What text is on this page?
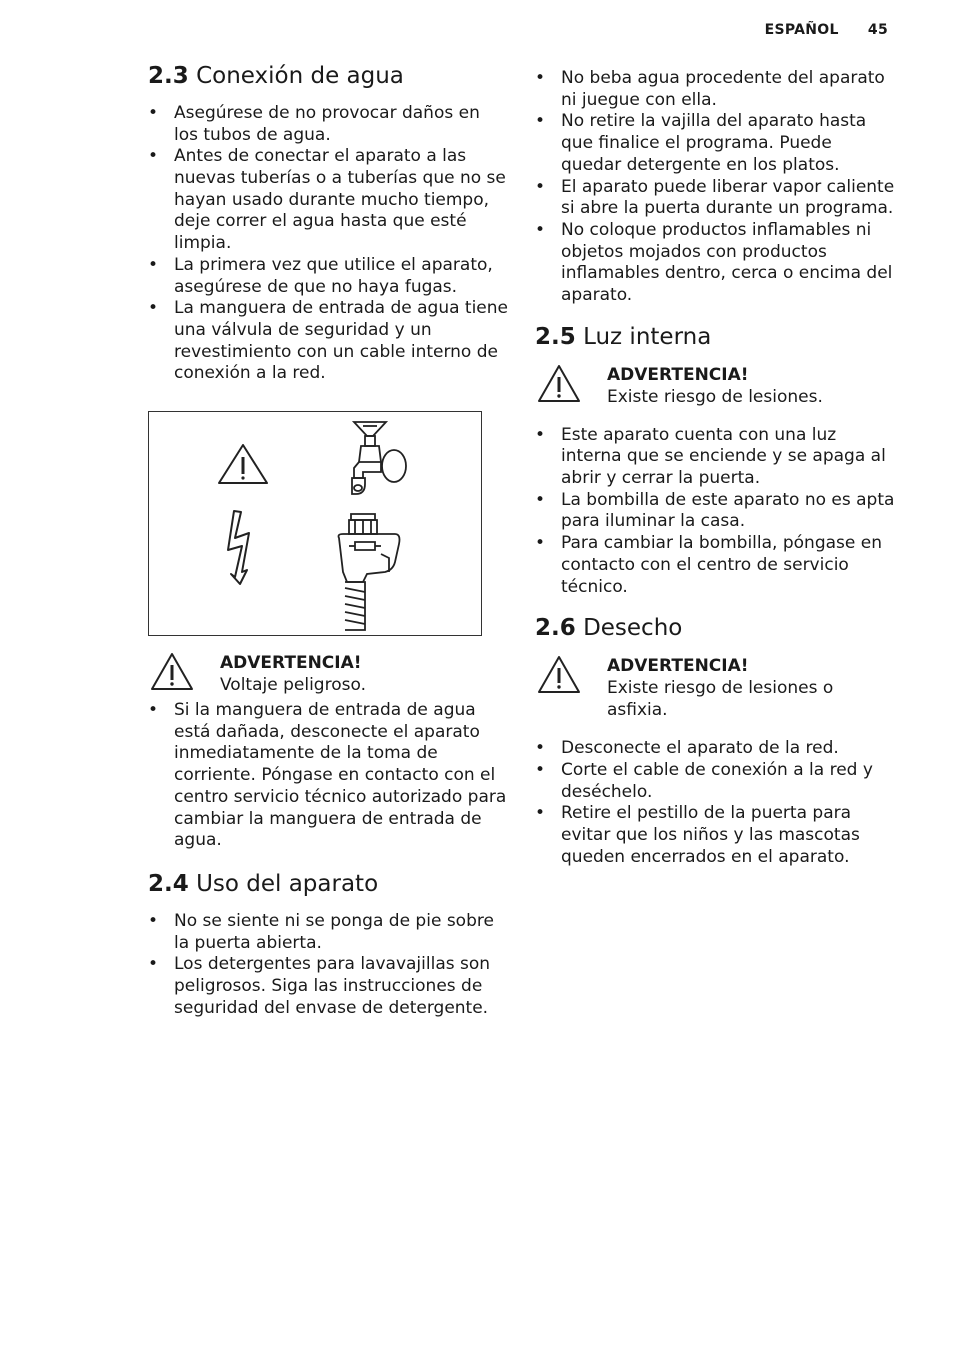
ESPAÑOL 45
2.3 Conexión de agua
• Asegúrese de no provocar daños en los tubos de agua.
• Antes de conectar el aparato a las nuevas tuberías o a tuberías que no se hayan usado durante mucho tiempo, deje correr el agua hasta que esté limpia.
• La primera vez que utilice el aparato, asegúrese de que no haya fugas.
• La manguera de entrada de agua tiene una válvula de seguridad y un revestimiento con un cable interno de conexión a la red.
ADVERTENCIA!
Voltaje peligroso.
• Si la manguera de entrada de agua está dañada, desconecte el aparato inmediatamente de la toma de corriente. Póngase en contacto con el centro servicio técnico autorizado para cambiar la manguera de entrada de agua.
2.4 Uso del aparato
• No se siente ni se ponga de pie sobre la puerta abierta.
• Los detergentes para lavavajillas son peligrosos. Siga las instrucciones de seguridad del envase de detergente.
• No beba agua procedente del aparato ni juegue con ella.
• No retire la vajilla del aparato hasta que finalice el programa. Puede quedar detergente en los platos.
• El aparato puede liberar vapor caliente si abre la puerta durante un programa.
• No coloque productos inflamables ni objetos mojados con productos inflamables dentro, cerca o encima del aparato.
2.5 Luz interna
ADVERTENCIA!
Existe riesgo de lesiones.
• Este aparato cuenta con una luz interna que se enciende y se apaga al abrir y cerrar la puerta.
• La bombilla de este aparato no es apta para iluminar la casa.
• Para cambiar la bombilla, póngase en contacto con el centro de servicio técnico.
2.6 Desecho
ADVERTENCIA!
Existe riesgo de lesiones o asfixia.
• Desconecte el aparato de la red.
• Corte el cable de conexión a la red y deséchelo.
• Retire el pestillo de la puerta para evitar que los niños y las mascotas queden encerrados en el aparato.
